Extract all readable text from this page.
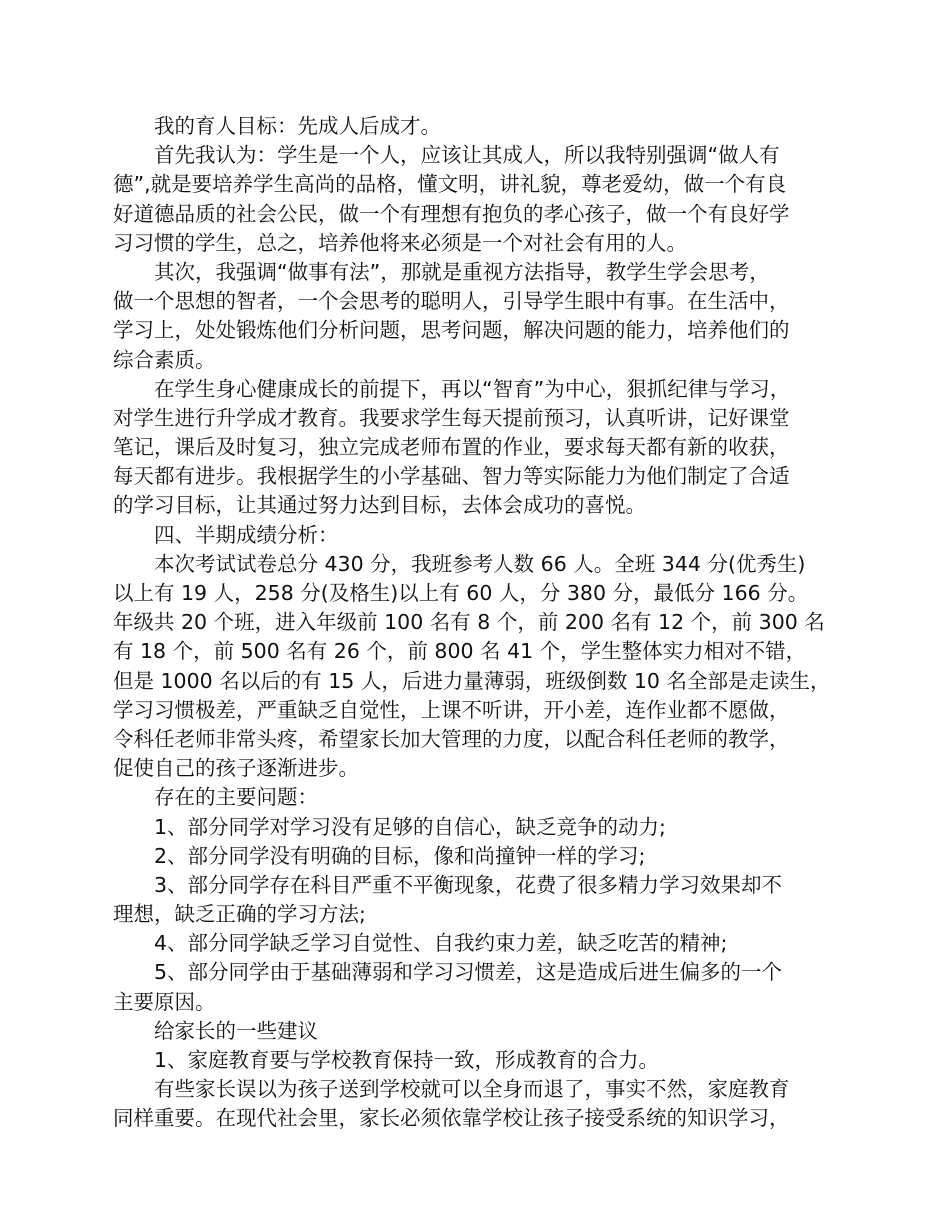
我的育人目标：先成人后成才。
首先我认为：学生是一个人，应该让其成人，所以我特别强调“做人有
德”,就是要培养学生高尚的品格，懂文明，讲礼貌，尊老爱幼，做一个有良
好道德品质的社会公民，做一个有理想有抱负的孝心孩子，做一个有良好学
习习惯的学生，总之，培养他将来必须是一个对社会有用的人。
其次，我强调“做事有法”，那就是重视方法指导，教学生学会思考，
做一个思想的智者，一个会思考的聪明人，引导学生眼中有事。在生活中，
学习上，处处锻炼他们分析问题，思考问题，解决问题的能力，培养他们的
综合素质。
在学生身心健康成长的前提下，再以“智育”为中心，狠抓纪律与学习，
对学生进行升学成才教育。我要求学生每天提前预习，认真听讲，记好课堂
笔记，课后及时复习，独立完成老师布置的作业，要求每天都有新的收获，
每天都有进步。我根据学生的小学基础、智力等实际能力为他们制定了合适
的学习目标，让其通过努力达到目标，去体会成功的喜悦。
四、半期成绩分析：
本次考试试卷总分 430 分，我班参考人数 66 人。全班 344 分(优秀生)
以上有 19 人，258 分(及格生)以上有 60 人，分 380 分，最低分 166 分。
年级共 20 个班，进入年级前 100 名有 8 个，前 200 名有 12 个，前 300 名
有 18 个，前 500 名有 26 个，前 800 名 41 个，学生整体实力相对不错，
但是 1000 名以后的有 15 人，后进力量薄弱，班级倒数 10 名全部是走读生，
学习习惯极差，严重缺乏自觉性，上课不听讲，开小差，连作业都不愿做，
令科任老师非常头疼，希望家长加大管理的力度，以配合科任老师的教学，
促使自己的孩子逐渐进步。
存在的主要问题：
1、部分同学对学习没有足够的自信心，缺乏竞争的动力;
2、部分同学没有明确的目标，像和尚撞钟一样的学习;
3、部分同学存在科目严重不平衡现象，花费了很多精力学习效果却不
理想，缺乏正确的学习方法;
4、部分同学缺乏学习自觉性、自我约束力差，缺乏吃苦的精神;
5、部分同学由于基础薄弱和学习习惯差，这是造成后进生偏多的一个
主要原因。
给家长的一些建议
1、家庭教育要与学校教育保持一致，形成教育的合力。
有些家长误以为孩子送到学校就可以全身而退了，事实不然，家庭教育
同样重要。在现代社会里，家长必须依靠学校让孩子接受系统的知识学习，
